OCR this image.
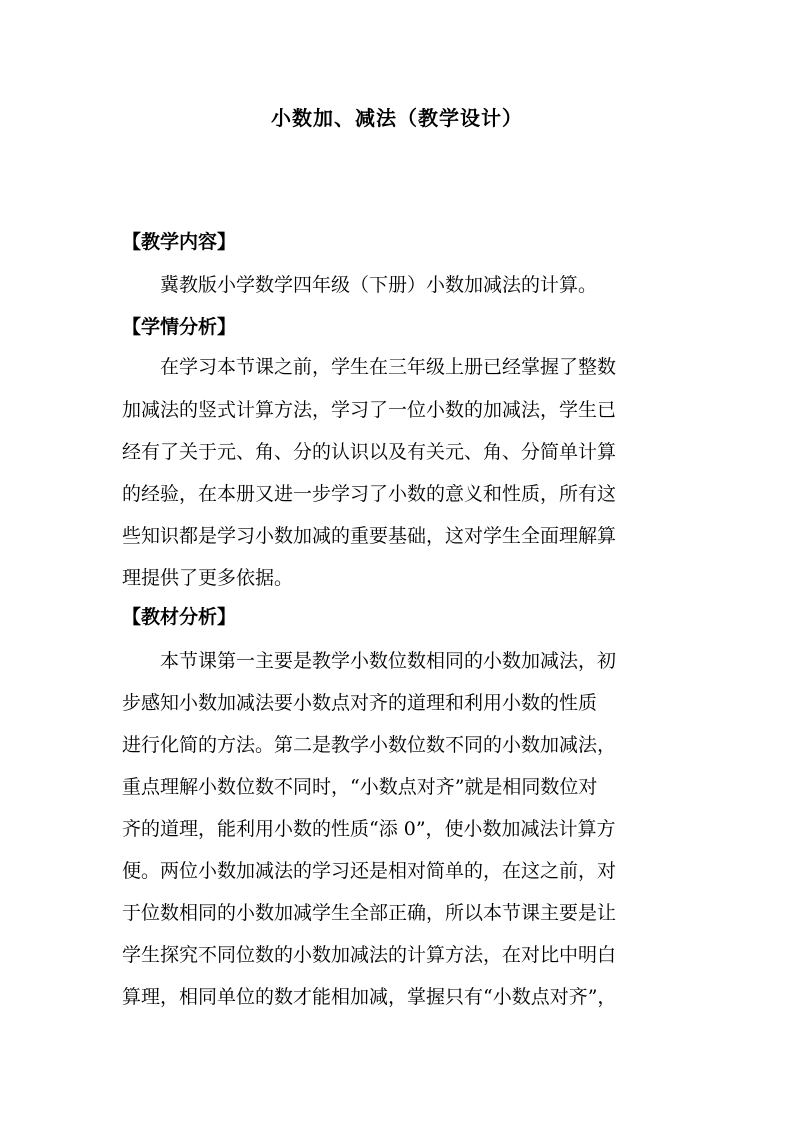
小数加、减法（教学设计）
【教学内容】
冀教版小学数学四年级（下册）小数加减法的计算。
【学情分析】
在学习本节课之前，学生在三年级上册已经掌握了整数
加减法的竖式计算方法，学习了一位小数的加减法，学生已
经有了关于元、角、分的认识以及有关元、角、分简单计算
的经验，在本册又进一步学习了小数的意义和性质，所有这
些知识都是学习小数加减的重要基础，这对学生全面理解算
理提供了更多依据。
【教材分析】
本节课第一主要是教学小数位数相同的小数加减法，初
步感知小数加减法要小数点对齐的道理和利用小数的性质
进行化简的方法。第二是教学小数位数不同的小数加减法，
重点理解小数位数不同时，“小数点对齐”就是相同数位对
齐的道理，能利用小数的性质“添 0”，使小数加减法计算方
便。两位小数加减法的学习还是相对简单的，在这之前，对
于位数相同的小数加减学生全部正确，所以本节课主要是让
学生探究不同位数的小数加减法的计算方法，在对比中明白
算理，相同单位的数才能相加减，掌握只有“小数点对齐”，
